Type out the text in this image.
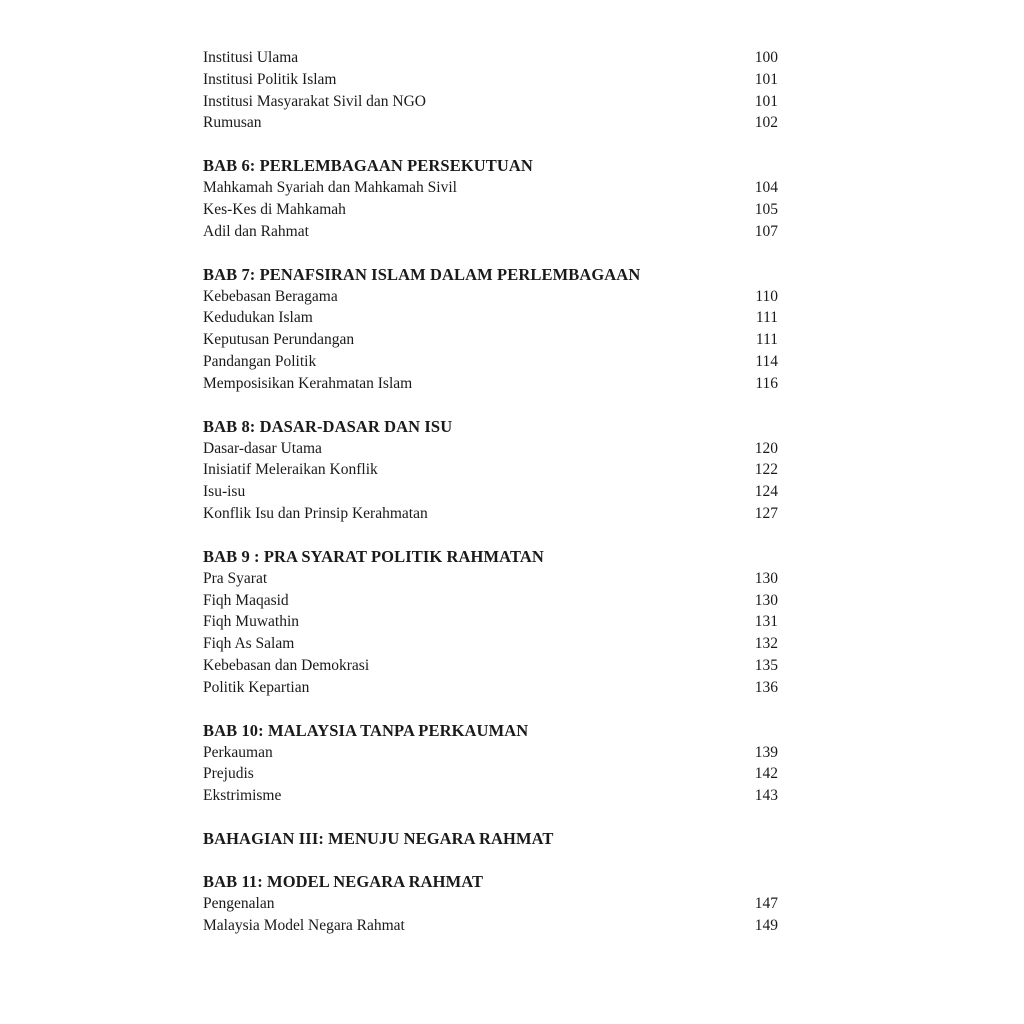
Institusi Ulama	100
Institusi Politik Islam	101
Institusi Masyarakat Sivil dan NGO	101
Rumusan	102
BAB 6: PERLEMBAGAAN PERSEKUTUAN
Mahkamah Syariah dan Mahkamah Sivil	104
Kes-Kes di Mahkamah	105
Adil dan Rahmat	107
BAB 7: PENAFSIRAN ISLAM DALAM PERLEMBAGAAN
Kebebasan Beragama	110
Kedudukan Islam	111
Keputusan Perundangan	111
Pandangan Politik	114
Memposisikan Kerahmatan Islam	116
BAB 8: DASAR-DASAR DAN ISU
Dasar-dasar Utama	120
Inisiatif Meleraikan Konflik	122
Isu-isu	124
Konflik Isu dan Prinsip Kerahmatan	127
BAB 9 : PRA SYARAT POLITIK RAHMATAN
Pra Syarat	130
Fiqh Maqasid	130
Fiqh Muwathin	131
Fiqh As Salam	132
Kebebasan dan Demokrasi	135
Politik Kepartian	136
BAB 10: MALAYSIA TANPA PERKAUMAN
Perkauman	139
Prejudis	142
Ekstrimisme	143
BAHAGIAN III: MENUJU NEGARA RAHMAT
BAB 11: MODEL NEGARA RAHMAT
Pengenalan	147
Malaysia Model Negara Rahmat	149
